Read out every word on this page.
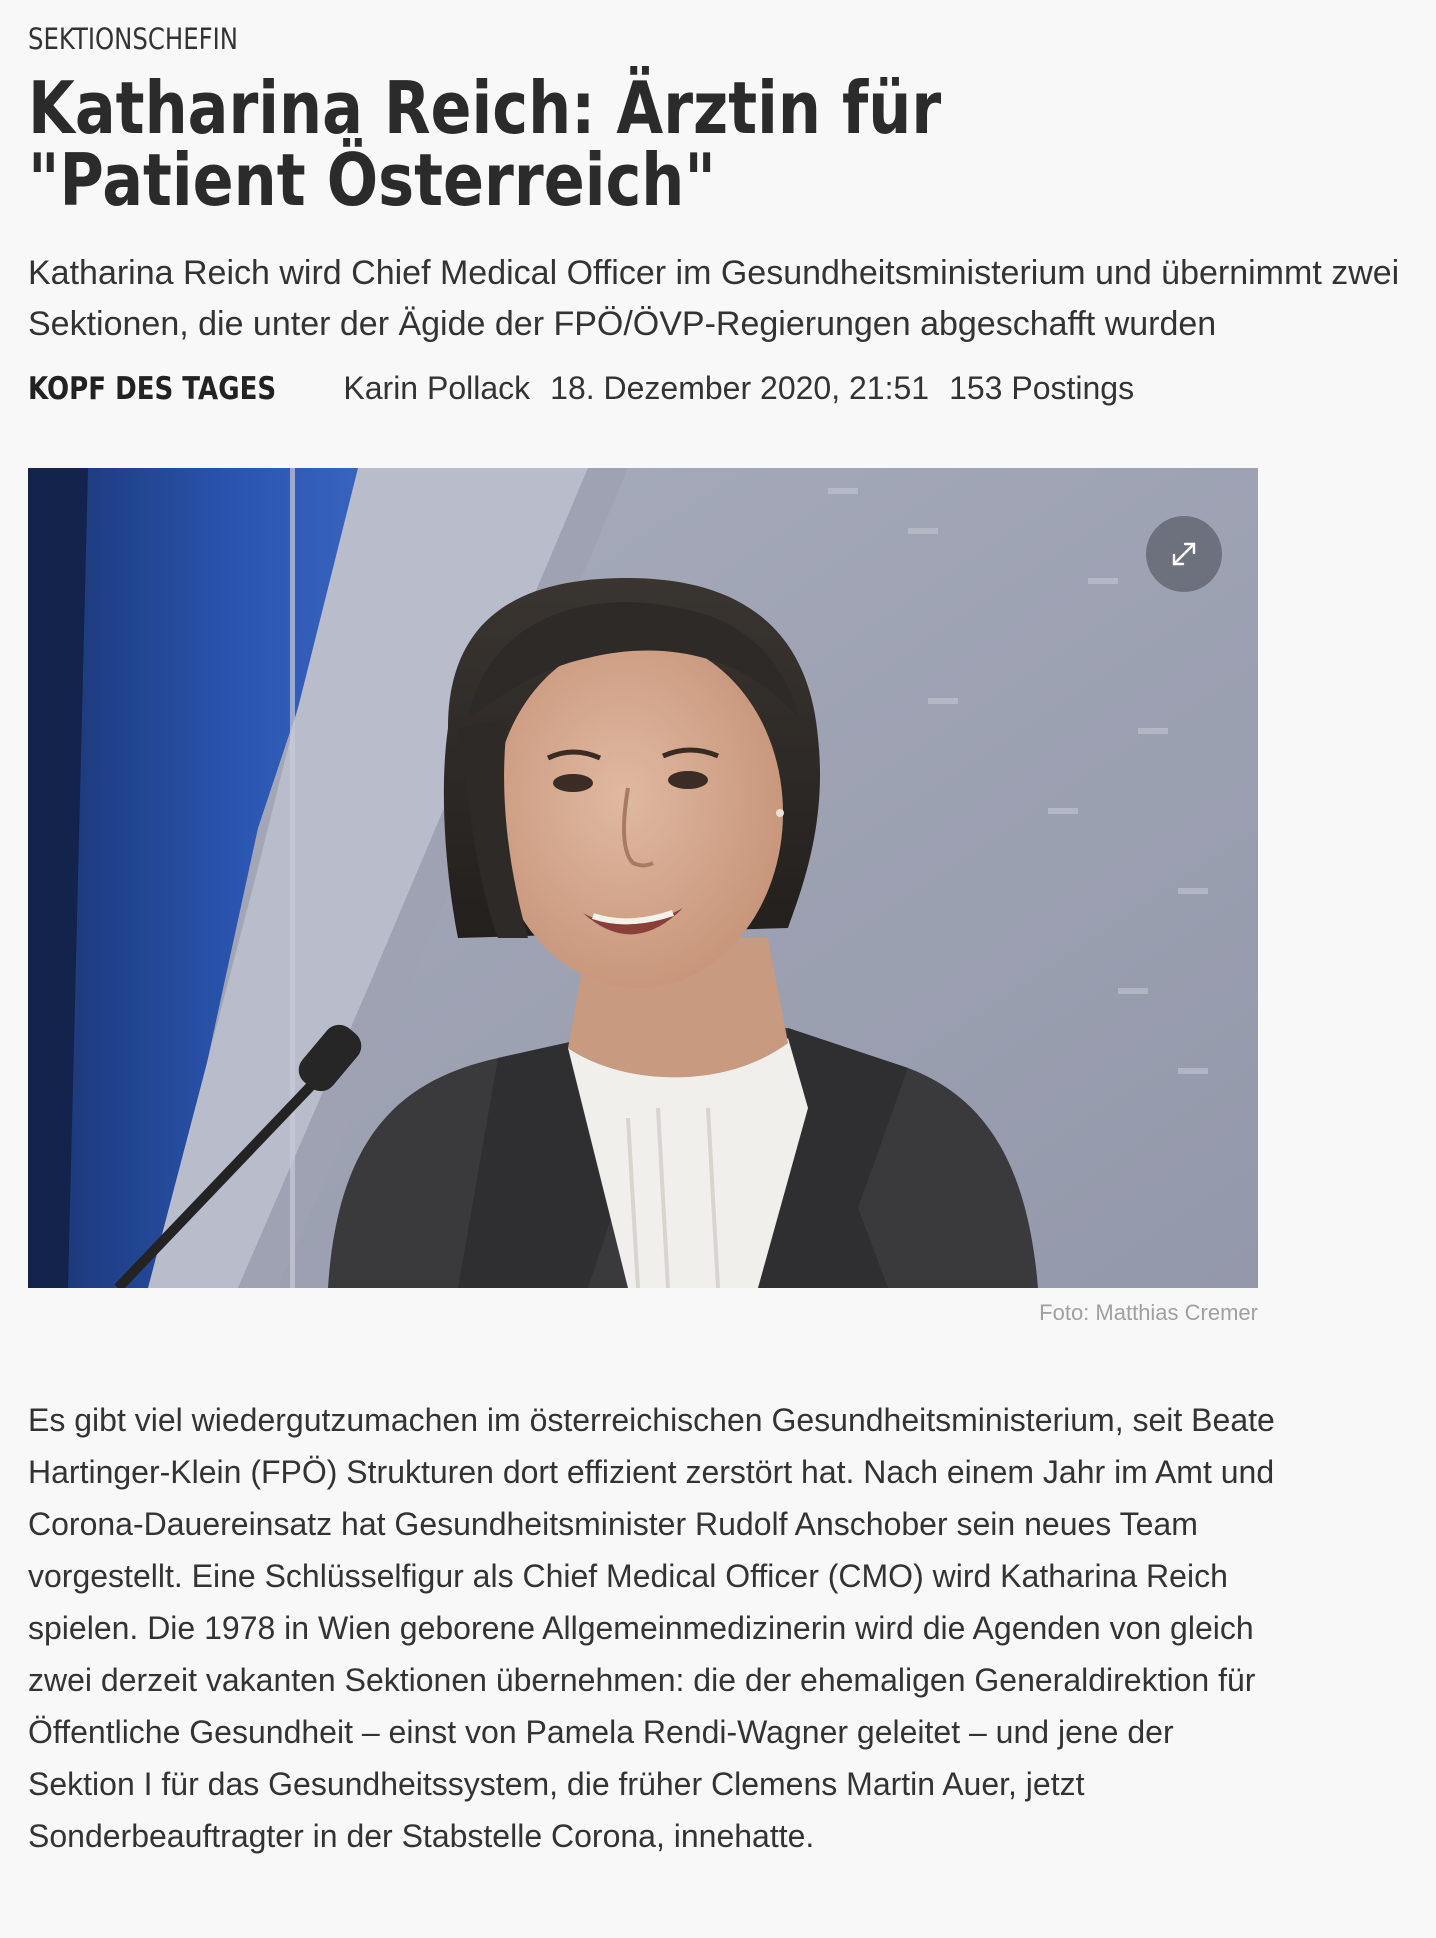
SEKTIONSCHEFIN
Katharina Reich: Ärztin für "Patient Österreich"

Katharina Reich wird Chief Medical Officer im Gesundheitsministerium und übernimmt zwei Sektionen, die unter der Ägide der FPÖ/ÖVP-Regierungen abgeschafft wurden

KOPF DES TAGES Karin Pollack 18. Dezember 2020, 21:51 153 Postings
Foto: Matthias Cremer

Es gibt viel wiedergutzumachen im österreichischen Gesundheitsministerium, seit Beate Hartinger-Klein (FPÖ) Strukturen dort effizient zerstört hat. Nach einem Jahr im Amt und Corona-Dauereinsatz hat Gesundheitsminister Rudolf Anschober sein neues Team vorgestellt. Eine Schlüsselfigur als Chief Medical Officer (CMO) wird Katharina Reich spielen. Die 1978 in Wien geborene Allgemeinmedizinerin wird die Agenden von gleich zwei derzeit vakanten Sektionen übernehmen: die der ehemaligen Generaldirektion für Öffentliche Gesundheit – einst von Pamela Rendi-Wagner geleitet – und jene der Sektion I für das Gesundheitssystem, die früher Clemens Martin Auer, jetzt Sonderbeauftragter in der Stabstelle Corona, innehatte.
